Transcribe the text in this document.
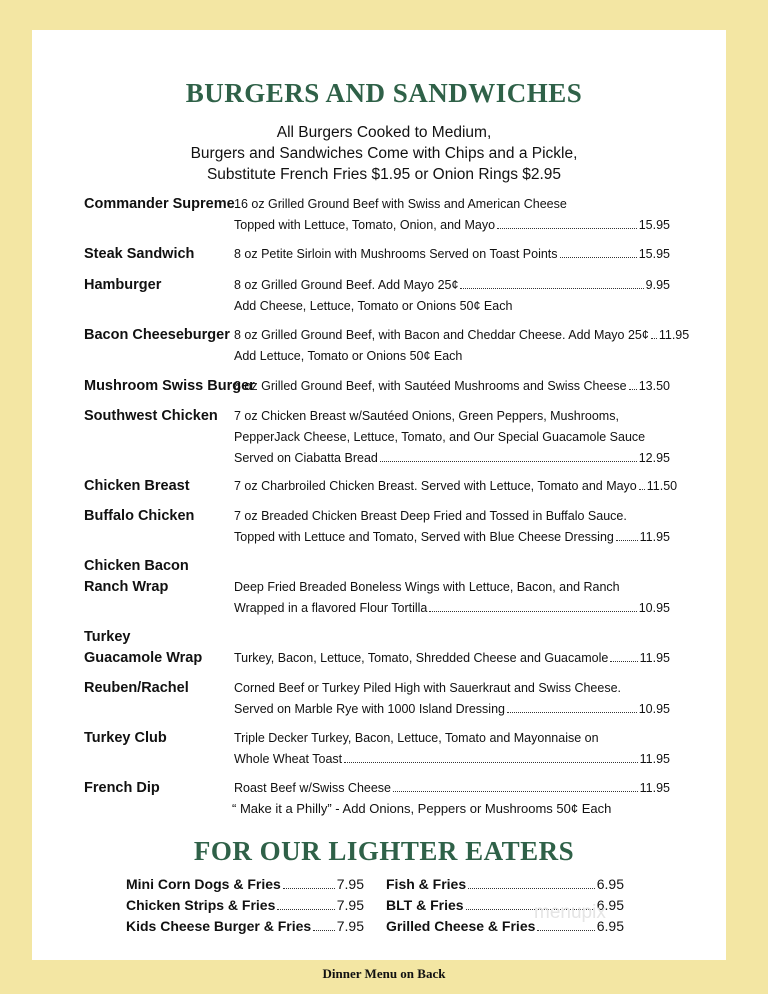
BURGERS AND SANDWICHES
All Burgers Cooked to Medium,
Burgers and Sandwiches Come with Chips and a Pickle,
Substitute French Fries $1.95 or Onion Rings $2.95
Commander Supreme 16 oz Grilled Ground Beef with Swiss and American Cheese
Topped with Lettuce, Tomato, Onion, and Mayo	15.95
Steak Sandwich	8 oz Petite Sirloin with Mushrooms Served on Toast Points	15.95
Hamburger	8 oz Grilled Ground Beef. Add Mayo 25¢	9.95
Add Cheese, Lettuce, Tomato or Onions 50¢ Each
Bacon Cheeseburger 8 oz Grilled Ground Beef, with Bacon and Cheddar Cheese. Add Mayo 25¢ 11.95
Add Lettuce, Tomato or Onions 50¢ Each
Mushroom Swiss Burger
8 oz Grilled Ground Beef, with Sautéed Mushrooms and Swiss Cheese 13.50
Southwest Chicken 7 oz Chicken Breast w/Sautéed Onions, Green Peppers, Mushrooms,
PepperJack Cheese, Lettuce, Tomato, and Our Special Guacamole Sauce
Served on Ciabatta Bread	12.95
Chicken Breast	7 oz Charbroiled Chicken Breast. Served with Lettuce, Tomato and Mayo 11.50
Buffalo Chicken	7 oz Breaded Chicken Breast Deep Fried and Tossed in Buffalo Sauce.
Topped with Lettuce and Tomato, Served with Blue Cheese Dressing 11.95
Chicken Bacon
Ranch Wrap	Deep Fried Breaded Boneless Wings with Lettuce, Bacon, and Ranch
Wrapped in a flavored Flour Tortilla	10.95
Turkey
Guacamole Wrap	Turkey, Bacon, Lettuce, Tomato, Shredded Cheese and Guacamole	11.95
Reuben/Rachel	Corned Beef or Turkey Piled High with Sauerkraut and Swiss Cheese.
Served on Marble Rye with 1000 Island Dressing	10.95
Turkey Club	Triple Decker Turkey, Bacon, Lettuce, Tomato and Mayonnaise on
Whole Wheat Toast	11.95
French Dip	Roast Beef w/Swiss Cheese	11.95
“ Make it a Philly” - Add Onions, Peppers or Mushrooms 50¢ Each
FOR OUR LIGHTER EATERS
Mini Corn Dogs & Fries	7.95
Chicken Strips & Fries	7.95
Kids Cheese Burger & Fries 7.95
Fish & Fries	6.95
BLT & Fries	6.95
Grilled Cheese & Fries	6.95
menupix
Dinner Menu on Back
